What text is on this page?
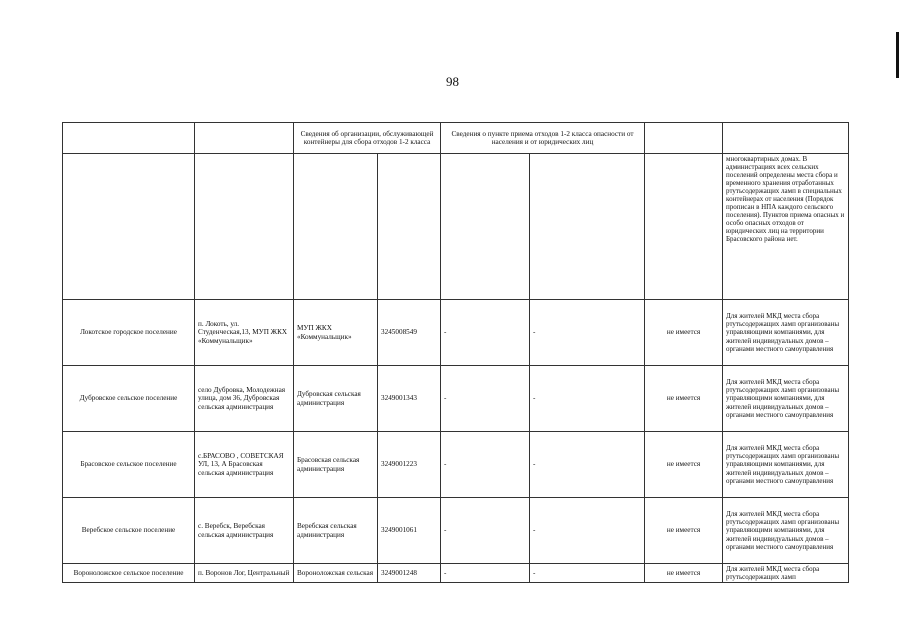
98
		Сведения об организации, обслуживающей контейнеры для сбора отходов 1-2 класса		Сведения о пункте приема отходов 1-2 класса опасности от населения и от юридических лиц			
							многоквартирных домах. В администрациях всех сельских поселений определены места сбора и временного хранения отработанных ртутьсодержащих ламп в специальных контейнерах от населения (Порядок прописан в НПА каждого сельского поселения). Пунктов приема опасных и особо опасных отходов от юридических лиц на территории Брасовского района нет.
Локотское городское поселение	п. Локоть, ул. Студенческая,13, МУП ЖКХ «Коммунальщик»	МУП ЖКХ «Коммунальщик»	3245008549	-	-	не имеется	Для жителей МКД места сбора ртутьсодержащих ламп организованы управляющими компаниями, для жителей индивидуальных домов – органами местного самоуправления
Дубровское сельское поселение	село Дубровка, Молодежная улица, дом 36, Дубровская сельская администрация	Дубровская сельская администрация	3249001343	-	-	не имеется	Для жителей МКД места сбора ртутьсодержащих ламп организованы управляющими компаниями, для жителей индивидуальных домов – органами местного самоуправления
Брасовское сельское поселение	с.БРАСОВО , СОВЕТСКАЯ УЛ, 13, А Брасовская сельская администрация	Брасовская сельская администрация	3249001223	-	-	не имеется	Для жителей МКД места сбора ртутьсодержащих ламп организованы управляющими компаниями, для жителей индивидуальных домов – органами местного самоуправления
Веребское сельское поселение	с. Веребск, Веребская сельская администрация	Веребская сельская администрация	3249001061	-	-	не имеется	Для жителей МКД места сбора ртутьсодержащих ламп организованы управляющими компаниями, для жителей индивидуальных домов – органами местного самоуправления
Вороноложское сельское поселение	п. Воронов Лог, Центральный	Вороноложская сельская	3249001248	-	-	не имеется	Для жителей МКД места сбора ртутьсодержащих ламп
